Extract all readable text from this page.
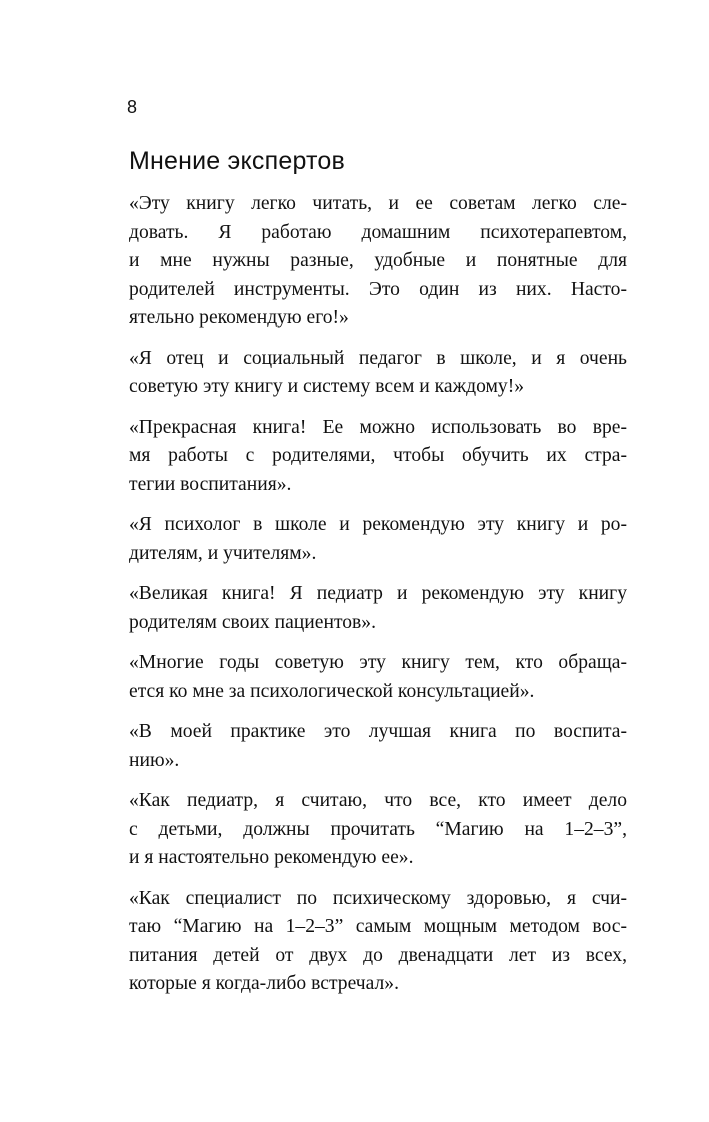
8
Мнение экспертов

«Эту книгу легко читать, и ее советам легко сле-
довать. Я работаю домашним психотерапевтом,
и мне нужны разные, удобные и понятные для
родителей инструменты. Это один из них. Насто-
ятельно рекомендую его!»

«Я отец и социальный педагог в школе, и я очень
советую эту книгу и систему всем и каждому!»

«Прекрасная книга! Ее можно использовать во вре-
мя работы с родителями, чтобы обучить их стра-
тегии воспитания».

«Я психолог в школе и рекомендую эту книгу и ро-
дителям, и учителям».

«Великая книга! Я педиатр и рекомендую эту книгу
родителям своих пациентов».

«Многие годы советую эту книгу тем, кто обраща-
ется ко мне за психологической консультацией».

«В моей практике это лучшая книга по воспита-
нию».

«Как педиатр, я считаю, что все, кто имеет дело
с детьми, должны прочитать “Магию на 1–2–3”,
и я настоятельно рекомендую ее».

«Как специалист по психическому здоровью, я счи-
таю “Магию на 1–2–3” самым мощным методом вос-
питания детей от двух до двенадцати лет из всех,
которые я когда-либо встречал».
